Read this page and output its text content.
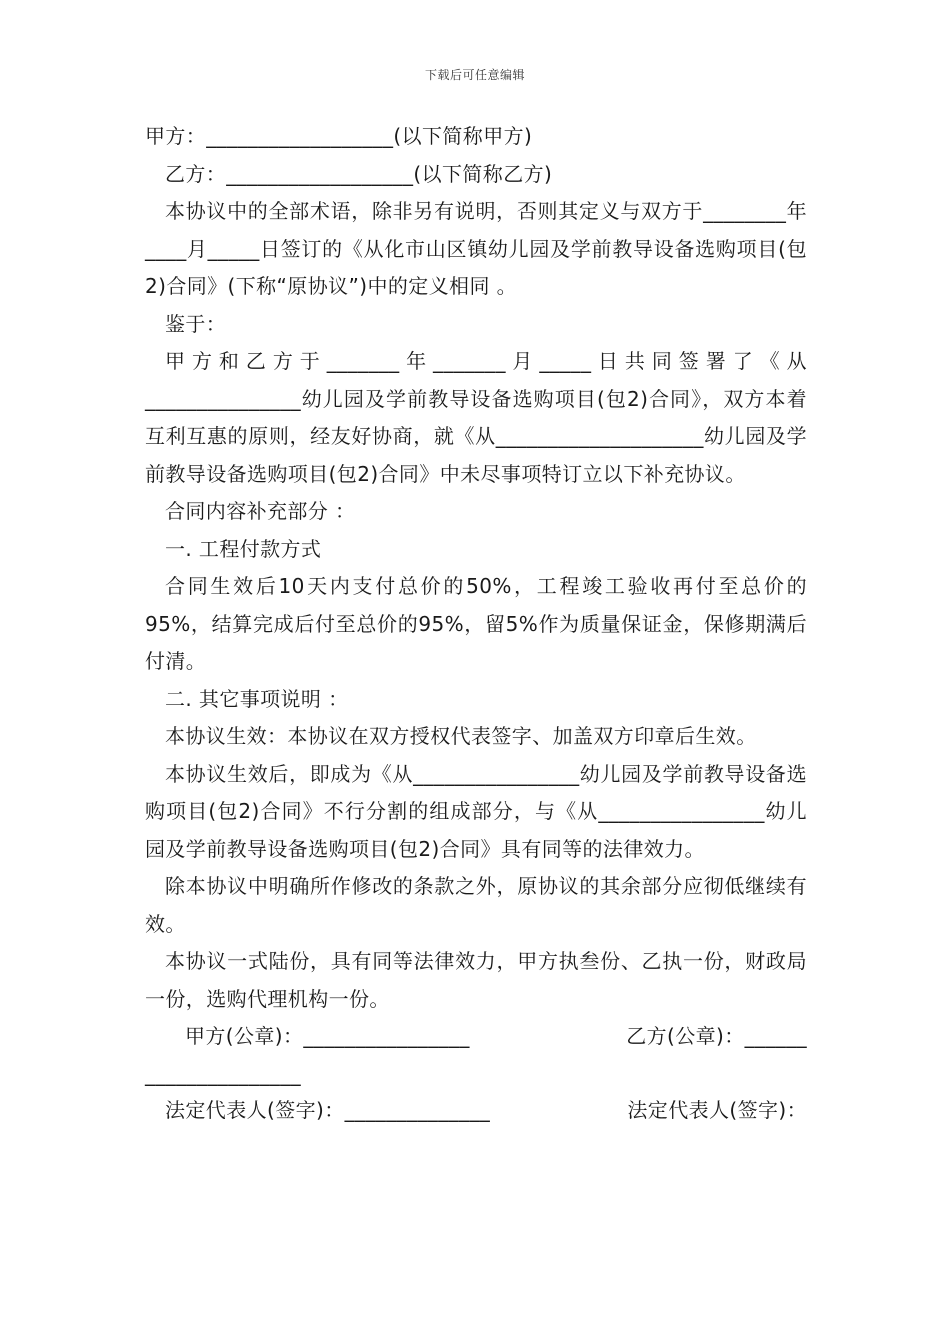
下载后可任意编辑

甲方：__________________(以下简称甲方)

乙方：__________________(以下简称乙方)

本协议中的全部术语，除非另有说明，否则其定义与双方于________年____月_____日签订的《从化市山区镇幼儿园及学前教导设备选购项目(包2)合同》(下称“原协议”)中的定义相同 。

鉴于：

甲方和乙方于_______年_______月_____日共同签署了《从_______________幼儿园及学前教导设备选购项目(包2)合同》，双方本着互利互惠的原则，经友好协商，就《从____________________幼儿园及学前教导设备选购项目(包2)合同》中未尽事项特订立以下补充协议。

合同内容补充部分 ：

一. 工程付款方式

合同生效后10天内支付总价的50%，工程竣工验收再付至总价的95%，结算完成后付至总价的95%，留5%作为质量保证金，保修期满后付清。

二. 其它事项说明 ：

本协议生效：本协议在双方授权代表签字、加盖双方印章后生效。

本协议生效后，即成为《从________________幼儿园及学前教导设备选购项目(包2)合同》不行分割的组成部分，与《从________________幼儿园及学前教导设备选购项目(包2)合同》具有同等的法律效力。

除本协议中明确所作修改的条款之外，原协议的其余部分应彻低继续有效。

本协议一式陆份，具有同等法律效力，甲方执叁份、乙执一份，财政局一份，选购代理机构一份。

甲方(公章)：________________	乙方(公章)：______

_______________

法定代表人(签字)：______________	法定代表人(签字)：
